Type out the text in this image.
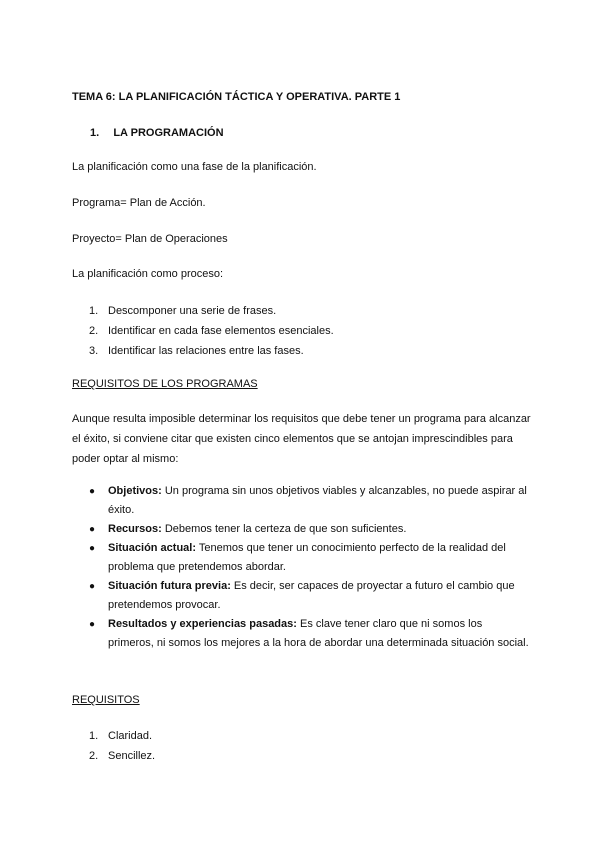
TEMA 6: LA PLANIFICACIÓN TÁCTICA Y OPERATIVA. PARTE 1
1. LA PROGRAMACIÓN
La planificación como una fase de la planificación.
Programa= Plan de Acción.
Proyecto= Plan de Operaciones
La planificación como proceso:
1. Descomponer una serie de frases.
2. Identificar en cada fase elementos esenciales.
3. Identificar las relaciones entre las fases.
REQUISITOS DE LOS PROGRAMAS
Aunque resulta imposible determinar los requisitos que debe tener un programa para alcanzar el éxito, si conviene citar que existen cinco elementos que se antojan imprescindibles para poder optar al mismo:
● Objetivos: Un programa sin unos objetivos viables y alcanzables, no puede aspirar al éxito.
● Recursos: Debemos tener la certeza de que son suficientes.
● Situación actual: Tenemos que tener un conocimiento perfecto de la realidad del problema que pretendemos abordar.
● Situación futura previa: Es decir, ser capaces de proyectar a futuro el cambio que pretendemos provocar.
● Resultados y experiencias pasadas: Es clave tener claro que ni somos los primeros, ni somos los mejores a la hora de abordar una determinada situación social.
REQUISITOS
1. Claridad.
2. Sencillez.
